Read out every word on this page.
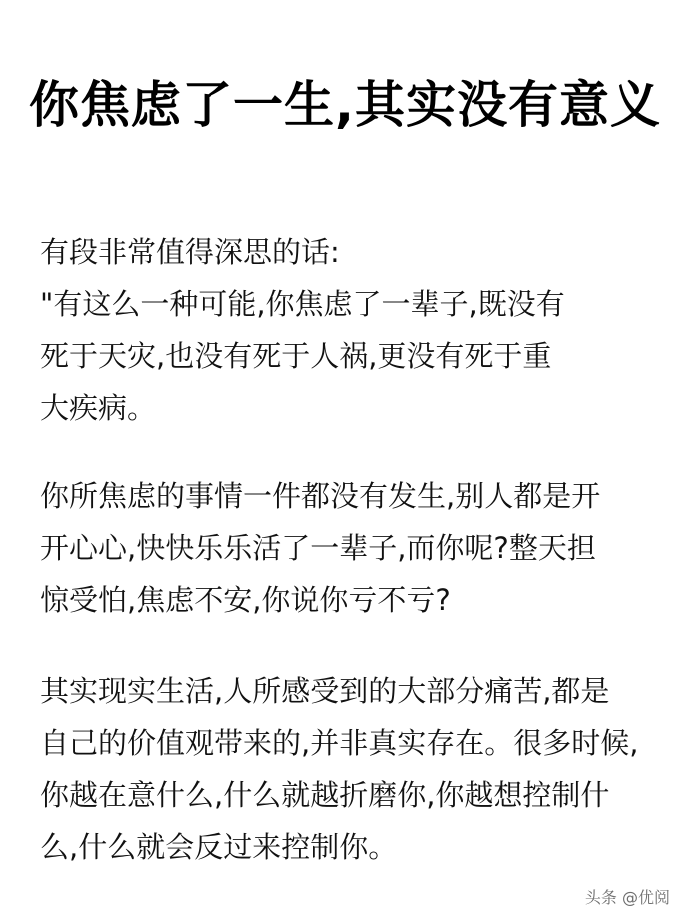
你焦虑了一生,其实没有意义
有段非常值得深思的话:
"有这么一种可能,你焦虑了一辈子,既没有
死于天灾,也没有死于人祸,更没有死于重
大疾病。
你所焦虑的事情一件都没有发生,别人都是开
开心心,快快乐乐活了一辈子,而你呢?整天担
惊受怕,焦虑不安,你说你亏不亏?
其实现实生活,人所感受到的大部分痛苦,都是
自己的价值观带来的,并非真实存在。很多时候,
你越在意什么,什么就越折磨你,你越想控制什
么,什么就会反过来控制你。
头条 @优阅
